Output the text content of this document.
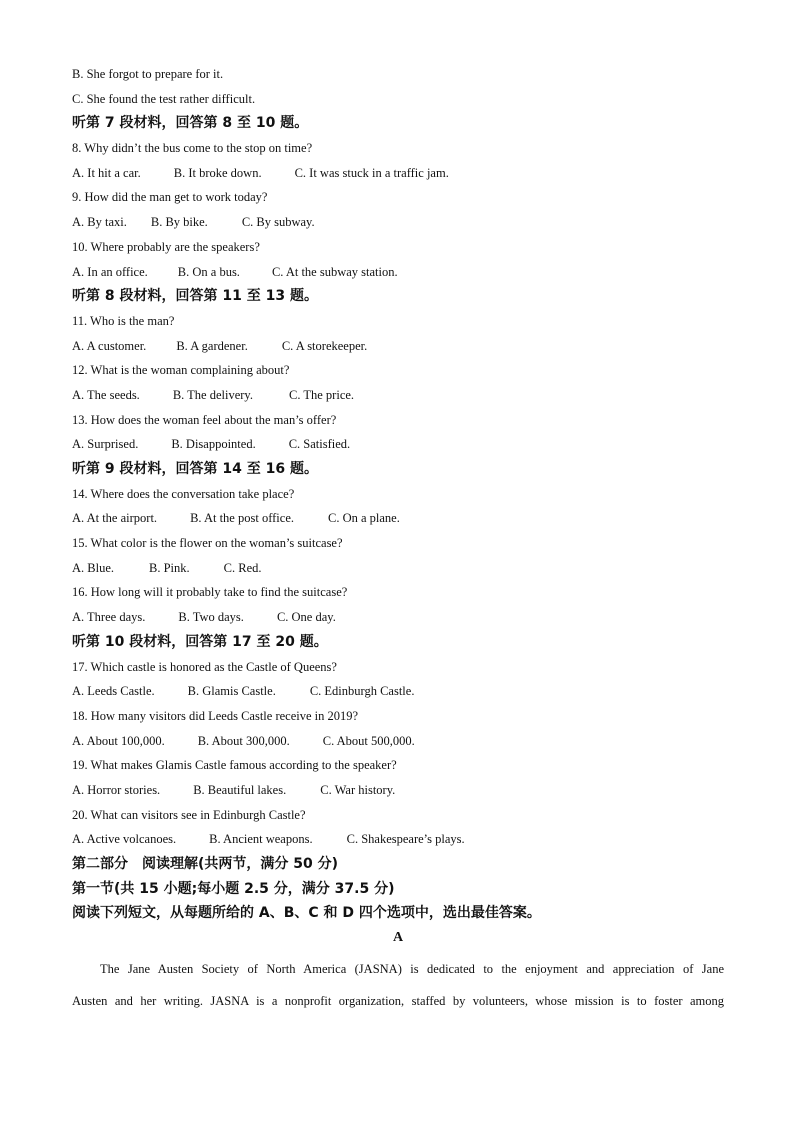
B. She forgot to prepare for it.
C. She found the test rather difficult.
听第 7 段材料，回答第 8 至 10 题。
8. Why didn’t the bus come to the stop on time?
A. It hit a car.	B. It broke down.	C. It was stuck in a traffic jam.
9. How did the man get to work today?
A. By taxi. B. By bike.	C. By subway.
10. Where probably are the speakers?
A. In an office. B. On a bus.	C. At the subway station.
听第 8 段材料，回答第 11 至 13 题。
11. Who is the man?
A. A customer. B. A gardener.	C. A storekeeper.
12. What is the woman complaining about?
A. The seeds.	B. The delivery.	C. The price.
13. How does the woman feel about the man’s offer?
A. Surprised.	B. Disappointed.	C. Satisfied.
听第 9 段材料，回答第 14 至 16 题。
14. Where does the conversation take place?
A. At the airport.	B. At the post office.	C. On a plane.
15. What color is the flower on the woman’s suitcase?
A. Blue.	B. Pink.	C. Red.
16. How long will it probably take to find the suitcase?
A. Three days.	B. Two days.	C. One day.
听第 10 段材料，回答第 17 至 20 题。
17. Which castle is honored as the Castle of Queens?
A. Leeds Castle.	B. Glamis Castle.	C. Edinburgh Castle.
18. How many visitors did Leeds Castle receive in 2019?
A. About 100,000.	B. About 300,000.	C. About 500,000.
19. What makes Glamis Castle famous according to the speaker?
A. Horror stories.	B. Beautiful lakes.	C. War history.
20. What can visitors see in Edinburgh Castle?
A. Active volcanoes.	B. Ancient weapons.	C. Shakespeare’s plays.
第二部分　阅读理解(共两节，满分 50 分)
第一节(共 15 小题;每小题 2.5 分，满分 37.5 分)
阅读下列短文，从每题所给的 A、B、C 和 D 四个选项中，选出最佳答案。
A
The Jane Austen Society of North America (JASNA) is dedicated to the enjoyment and appreciation of Jane
Austen and her writing. JASNA is a nonprofit organization, staffed by volunteers, whose mission is to foster among
